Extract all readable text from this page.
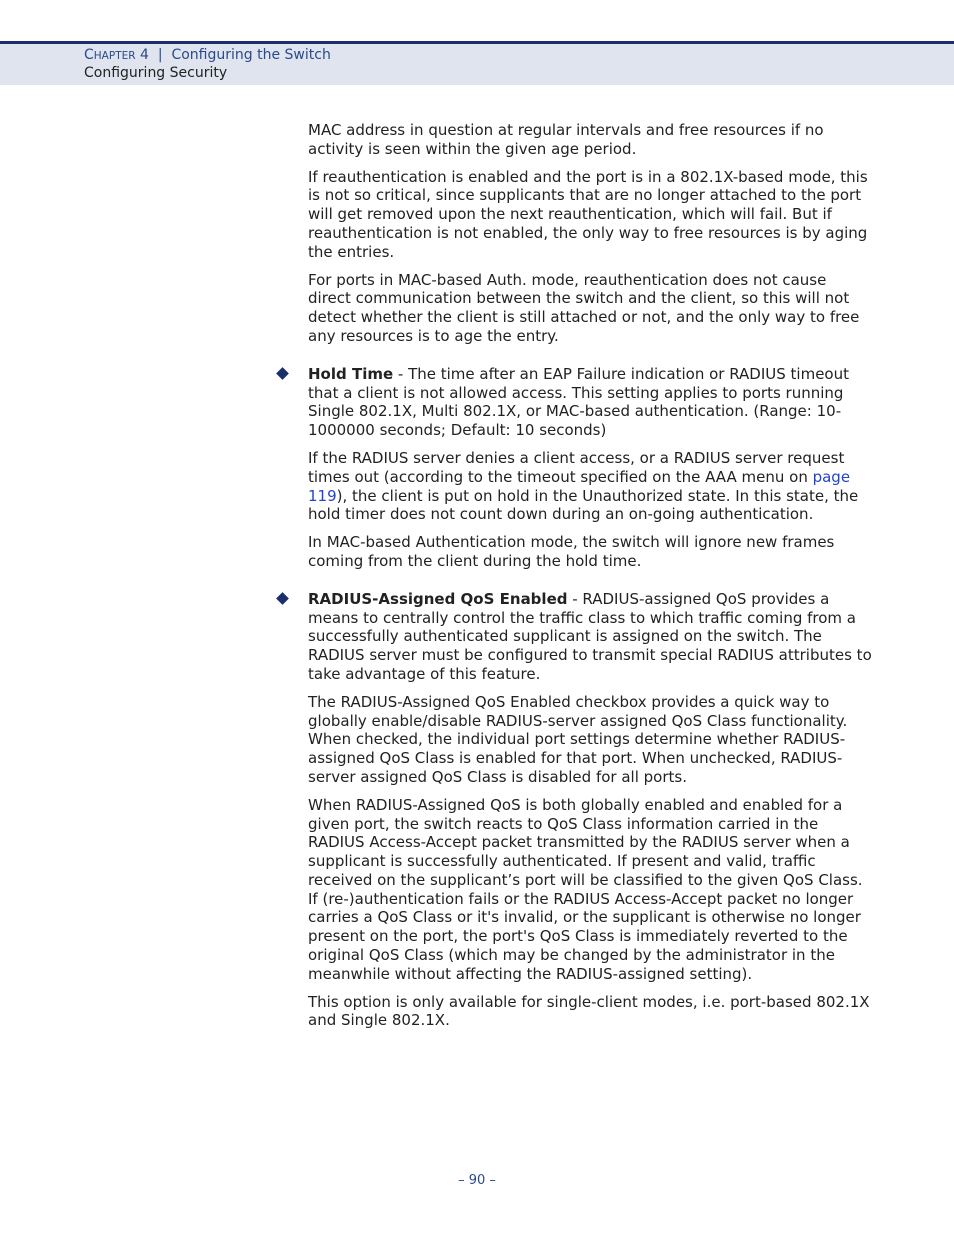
CHAPTER 4 | Configuring the Switch
Configuring Security

MAC address in question at regular intervals and free resources if no activity is seen within the given age period.

If reauthentication is enabled and the port is in a 802.1X-based mode, this is not so critical, since supplicants that are no longer attached to the port will get removed upon the next reauthentication, which will fail. But if reauthentication is not enabled, the only way to free resources is by aging the entries.

For ports in MAC-based Auth. mode, reauthentication does not cause direct communication between the switch and the client, so this will not detect whether the client is still attached or not, and the only way to free any resources is to age the entry.

Hold Time - The time after an EAP Failure indication or RADIUS timeout that a client is not allowed access. This setting applies to ports running Single 802.1X, Multi 802.1X, or MAC-based authentication. (Range: 10-1000000 seconds; Default: 10 seconds)

If the RADIUS server denies a client access, or a RADIUS server request times out (according to the timeout specified on the AAA menu on page 119), the client is put on hold in the Unauthorized state. In this state, the hold timer does not count down during an on-going authentication.

In MAC-based Authentication mode, the switch will ignore new frames coming from the client during the hold time.

RADIUS-Assigned QoS Enabled - RADIUS-assigned QoS provides a means to centrally control the traffic class to which traffic coming from a successfully authenticated supplicant is assigned on the switch. The RADIUS server must be configured to transmit special RADIUS attributes to take advantage of this feature.

The RADIUS-Assigned QoS Enabled checkbox provides a quick way to globally enable/disable RADIUS-server assigned QoS Class functionality. When checked, the individual port settings determine whether RADIUS-assigned QoS Class is enabled for that port. When unchecked, RADIUS-server assigned QoS Class is disabled for all ports.

When RADIUS-Assigned QoS is both globally enabled and enabled for a given port, the switch reacts to QoS Class information carried in the RADIUS Access-Accept packet transmitted by the RADIUS server when a supplicant is successfully authenticated. If present and valid, traffic received on the supplicant’s port will be classified to the given QoS Class. If (re-)authentication fails or the RADIUS Access-Accept packet no longer carries a QoS Class or it's invalid, or the supplicant is otherwise no longer present on the port, the port's QoS Class is immediately reverted to the original QoS Class (which may be changed by the administrator in the meanwhile without affecting the RADIUS-assigned setting).

This option is only available for single-client modes, i.e. port-based 802.1X and Single 802.1X.

– 90 –
